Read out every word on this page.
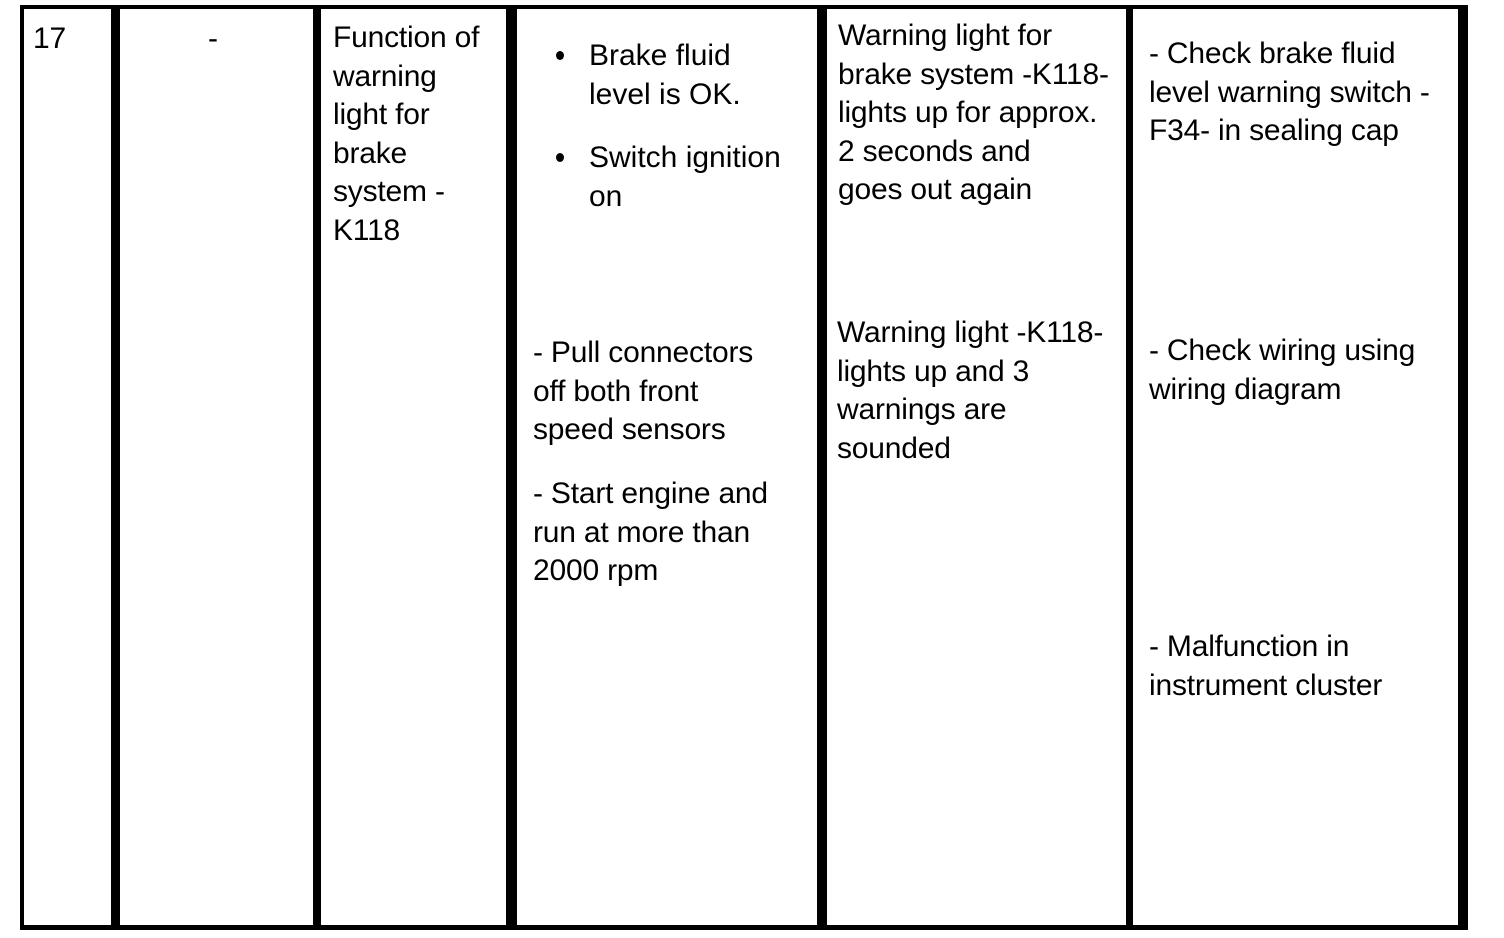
17	-	Function of
warning
light for
brake
system -
K118
Brake fluid
level is OK.
Switch ignition
on
- Pull connectors
off both front
speed sensors
- Start engine and
run at more than
2000 rpm
Warning light for
brake system -K118-
lights up for approx.
2 seconds and
goes out again
Warning light -K118-
lights up and 3
warnings are
sounded
- Check brake fluid
level warning switch -
F34- in sealing cap
- Check wiring using
wiring diagram
- Malfunction in
instrument cluster
